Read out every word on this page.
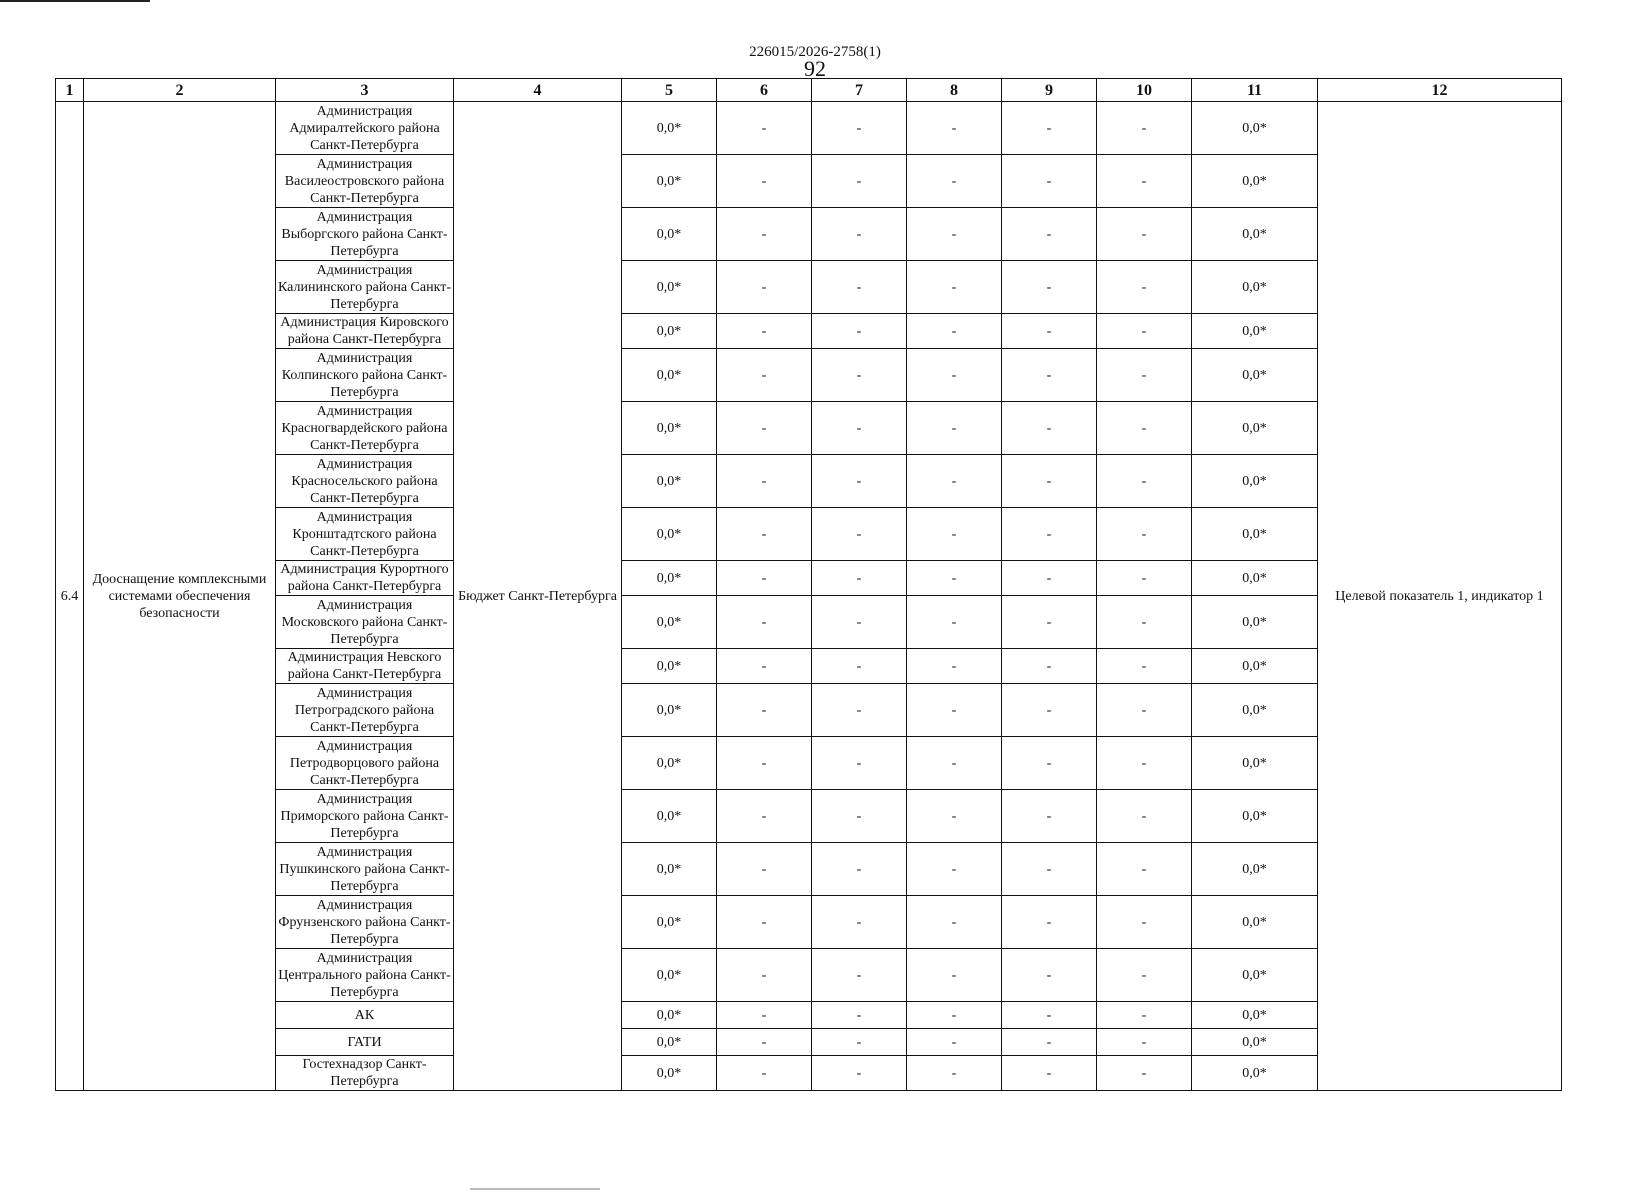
226015/2026-2758(1)
92
1	2	3	4	5	6	7	8	9	10	11	12
6.4	Дооснащение комплексными системами обеспечения безопасности	Администрация Адмиралтейского района Санкт-Петербурга	Бюджет Санкт-Петербурга	0,0*	-	-	-	-	-	0,0*	Целевой показатель 1, индикатор 1
		Администрация Василеостровского района Санкт-Петербурга		0,0*	-	-	-	-	-	0,0*	
		Администрация Выборгского района Санкт-Петербурга		0,0*	-	-	-	-	-	0,0*	
		Администрация Калининского района Санкт-Петербурга		0,0*	-	-	-	-	-	0,0*	
		Администрация Кировского района Санкт-Петербурга		0,0*	-	-	-	-	-	0,0*	
		Администрация Колпинского района Санкт-Петербурга		0,0*	-	-	-	-	-	0,0*	
		Администрация Красногвардейского района Санкт-Петербурга		0,0*	-	-	-	-	-	0,0*	
		Администрация Красносельского района Санкт-Петербурга		0,0*	-	-	-	-	-	0,0*	
		Администрация Кронштадтского района Санкт-Петербурга		0,0*	-	-	-	-	-	0,0*	
		Администрация Курортного района Санкт-Петербурга		0,0*	-	-	-	-	-	0,0*	
		Администрация Московского района Санкт-Петербурга		0,0*	-	-	-	-	-	0,0*	
		Администрация Невского района Санкт-Петербурга		0,0*	-	-	-	-	-	0,0*	
		Администрация Петроградского района Санкт-Петербурга		0,0*	-	-	-	-	-	0,0*	
		Администрация Петродворцового района Санкт-Петербурга		0,0*	-	-	-	-	-	0,0*	
		Администрация Приморского района Санкт-Петербурга		0,0*	-	-	-	-	-	0,0*	
		Администрация Пушкинского района Санкт-Петербурга		0,0*	-	-	-	-	-	0,0*	
		Администрация Фрунзенского района Санкт-Петербурга		0,0*	-	-	-	-	-	0,0*	
		Администрация Центрального района Санкт-Петербурга		0,0*	-	-	-	-	-	0,0*	
		АК		0,0*	-	-	-	-	-	0,0*	
		ГАТИ		0,0*	-	-	-	-	-	0,0*	
		Гостехнадзор Санкт-Петербурга		0,0*	-	-	-	-	-	0,0*	
